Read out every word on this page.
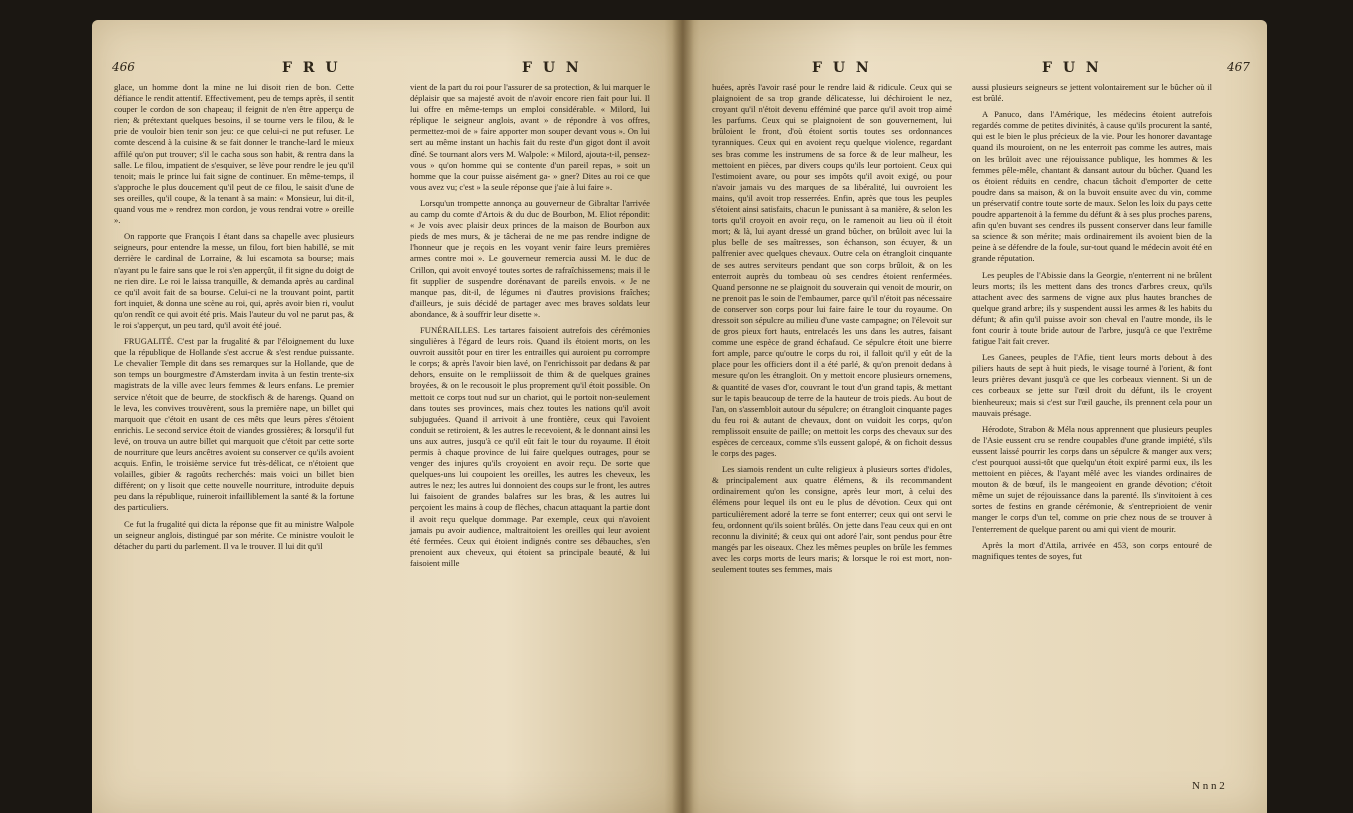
466	F R U	F U N

glace, un homme dont la mine ne lui disoit rien de bon. Cette défiance le rendit attentif. Effectivement, peu de temps après, il sentit couper le cordon de son chapeau; il feignit de n'en être apperçu de rien; & prétextant quelques besoins, il se tourne vers le filou, & le prie de vouloir bien tenir son jeu: ce que celui-ci ne put refuser. Le comte descend à la cuisine & se fait donner le tranche-lard le mieux affilé qu'on put trouver; s'il le cacha sous son habit, & rentra dans la salle. Le filou, impatient de s'esquiver, se lève pour rendre le jeu qu'il tenoit; mais le prince lui fait signe de continuer. En même-temps, il s'approche le plus doucement qu'il peut de ce filou, le saisit d'une de ses oreilles, qu'il coupe, & la tenant à sa main: « Monsieur, lui dit-il, quand vous me » rendrez mon cordon, je vous rendrai votre » oreille ».

On rapporte que François I étant dans sa chapelle avec plusieurs seigneurs, pour entendre la messe, un filou, fort bien habillé, se mit derrière le cardinal de Lorraine, & lui escamota sa bourse; mais n'ayant pu le faire sans que le roi s'en apperçût, il fit signe du doigt de ne rien dire. Le roi le laissa tranquille, & demanda après au cardinal ce qu'il avoit fait de sa bourse. Celui-ci ne la trouvant point, partit fort inquiet, & donna une scène au roi, qui, après avoir bien ri, voulut qu'on rendît ce qui avoit été pris. Mais l'auteur du vol ne parut pas, & le roi s'apperçut, un peu tard, qu'il avoit été joué.

FRUGALITÉ. C'est par la frugalité & par l'éloignement du luxe que la république de Hollande s'est accrue & s'est rendue puissante. Le chevalier Temple dit dans ses remarques sur la Hollande, que de son temps un bourgmestre d'Amsterdam invita à un festin trente-six magistrats de la ville avec leurs femmes & leurs enfans. Le premier service n'étoit que de beurre, de stockfisch & de harengs. Quand on le leva, les convives trouvèrent, sous la première nape, un billet qui marquoit que c'étoit en usant de ces mêts que leurs pères s'étoient enrichis. Le second service étoit de viandes grossières; & lorsqu'il fut levé, on trouva un autre billet qui marquoit que c'étoit par cette sorte de nourriture que leurs ancêtres avoient su conserver ce qu'ils avoient acquis. Enfin, le troisième service fut très-délicat, ce n'étoient que volailles, gibier & ragoûts recherchés: mais voici un billet bien différent; on y lisoit que cette nouvelle nourriture, introduite depuis peu dans la république, ruineroit infailliblement la santé & la fortune des particuliers.

Ce fut la frugalité qui dicta la réponse que fit au ministre Walpole un seigneur anglois, distingué par son mérite. Ce ministre vouloit le détacher du parti du parlement. Il va le trouver. Il lui dit qu'il

vient de la part du roi pour l'assurer de sa protection, & lui marquer le déplaisir que sa majesté avoit de n'avoir encore rien fait pour lui. Il lui offre en même-temps un emploi considérable. « Milord, lui réplique le seigneur anglois, avant » de répondre à vos offres, permettez-moi de » faire apporter mon souper devant vous ». On lui sert au même instant un hachis fait du reste d'un gigot dont il avoit dîné. Se tournant alors vers M. Walpole: « Milord, ajouta-t-il, pensez-vous » qu'on homme qui se contente d'un pareil repas, » soit un homme que la cour puisse aisément ga- » gner? Dites au roi ce que vous avez vu; c'est » la seule réponse que j'aie à lui faire ».

Lorsqu'un trompette annonça au gouverneur de Gibraltar l'arrivée au camp du comte d'Artois & du duc de Bourbon, M. Eliot répondit: « Je vois avec plaisir deux princes de la maison de Bourbon aux pieds de mes murs, & je tâcherai de ne me pas rendre indigne de l'honneur que je reçois en les voyant venir faire leurs premières armes contre moi ». Le gouverneur remercia aussi M. le duc de Crillon, qui avoit envoyé toutes sortes de rafraîchissemens; mais il le fit supplier de suspendre dorénavant de pareils envois. « Je ne manque pas, dit-il, de légumes ni d'autres provisions fraîches; d'ailleurs, je suis décidé de partager avec mes braves soldats leur abondance, & à souffrir leur disette ».

FUNÉRAILLES. Les tartares faisoient autrefois des cérémonies singulières à l'égard de leurs rois. Quand ils étoient morts, on les ouvroit aussitôt pour en tirer les entrailles qui auroient pu corrompre le corps; & après l'avoir bien lavé, on l'enrichissoit par dedans & par dehors, ensuite on le rempliissoit de thim & de quelques graines broyées, & on le recousoit le plus proprement qu'il étoit possible. On mettoit ce corps tout nud sur un chariot, qui le portoit non-seulement dans toutes ses provinces, mais chez toutes les nations qu'il avoit subjuguées. Quand il arrivoit à une frontière, ceux qui l'avoient conduit se retiroient, & les autres le recevoient, & le donnant ainsi les uns aux autres, jusqu'à ce qu'il eût fait le tour du royaume. Il étoit permis à chaque province de lui faire quelques outrages, pour se venger des injures qu'ils croyoient en avoir reçu. De sorte que quelques-uns lui coupoient les oreilles, les autres les cheveux, les autres le nez; les autres lui donnoient des coups sur le front, les autres lui faisoient de grandes balafres sur les bras, & les autres lui perçoient les mains à coup de flèches, chacun attaquant la partie dont il avoit reçu quelque dommage. Par exemple, ceux qui n'avoient jamais pu avoir audience, maltraitoient les oreilles qui leur avoient été fermées. Ceux qui étoient indignés contre ses débauches, s'en prenoient aux cheveux, qui étoient sa principale beauté, & lui faisoient mille

F U N	F U N	467

huées, après l'avoir rasé pour le rendre laid & ridicule. Ceux qui se plaignoient de sa trop grande délicatesse, lui déchiroient le nez, croyant qu'il n'étoit devenu efféminé que parce qu'il avoit trop aimé les parfums. Ceux qui se plaignoient de son gouvernement, lui brûloient le front, d'où étoient sortis toutes ses ordonnances tyranniques. Ceux qui en avoient reçu quelque violence, regardant ses bras comme les instrumens de sa force & de leur malheur, les mettoient en pièces, par divers coups qu'ils leur portoient. Ceux qui l'estimoient avare, ou pour ses impôts qu'il avoit exigé, ou pour n'avoir jamais vu des marques de sa libéralité, lui ouvroient les mains, qu'il avoit trop resserrées. Enfin, après que tous les peuples s'étoient ainsi satisfaits, chacun le punissant à sa manière, & selon les torts qu'il croyoit en avoir reçu, on le ramenoit au lieu où il étoit mort; & là, lui ayant dressé un grand bûcher, on brûloit avec lui la plus belle de ses maîtresses, son échanson, son écuyer, & un palfrenier avec quelques chevaux. Outre cela on étrangloit cinquante de ses autres serviteurs pendant que son corps brûloit, & on les enterroit auprès du tombeau où ses cendres étoient renfermées. Quand personne ne se plaignoit du souverain qui venoit de mourir, on ne prenoit pas le soin de l'embaumer, parce qu'il n'étoit pas nécessaire de conserver son corps pour lui faire faire le tour du royaume. On dressoit son sépulcre au milieu d'une vaste campagne; on l'élevoit sur de gros pieux fort hauts, entrelacés les uns dans les autres, faisant comme une espèce de grand échafaud. Ce sépulcre étoit une bierre fort ample, parce qu'outre le corps du roi, il falloit qu'il y eût de la place pour les officiers dont il a été parlé, & qu'on prenoit dedans à mesure qu'on les étrangloit. On y mettoit encore plusieurs ornemens, & quantité de vases d'or, couvrant le tout d'un grand tapis, & mettant sur le tapis beaucoup de terre de la hauteur de trois pieds. Au bout de l'an, on s'assembloit autour du sépulcre; on étrangloit cinquante pages du feu roi & autant de chevaux, dont on vuidoit les corps, qu'on remplissoit ensuite de paille; on mettoit les corps des chevaux sur des espèces de cerceaux, comme s'ils eussent galopé, & on fichoit dessus le corps des pages.

Les siamois rendent un culte religieux à plusieurs sortes d'idoles, & principalement aux quatre élémens, & ils recommandent ordinairement qu'on les consigne, après leur mort, à celui des élémens pour lequel ils ont eu le plus de dévotion. Ceux qui ont particulièrement adoré la terre se font enterrer; ceux qui ont servi le feu, ordonnent qu'ils soient brûlés. On jette dans l'eau ceux qui en ont reconnu la divinité; & ceux qui ont adoré l'air, sont pendus pour être mangés par les oiseaux. Chez les mêmes peuples on brûle les femmes avec les corps morts de leurs maris; & lorsque le roi est mort, non-seulement toutes ses femmes, mais

aussi plusieurs seigneurs se jettent volontairement sur le bûcher où il est brûlé.

A Panuco, dans l'Amérique, les médecins étoient autrefois regardés comme de petites divinités, à cause qu'ils procurent la santé, qui est le bien le plus précieux de la vie. Pour les honorer davantage quand ils mouroient, on ne les enterroit pas comme les autres, mais on les brûloit avec une réjouissance publique, les hommes & les femmes pêle-mêle, chantant & dansant autour du bûcher. Quand les os étoient réduits en cendre, chacun tâchoit d'emporter de cette poudre dans sa maison, & on la buvoit ensuite avec du vin, comme un préservatif contre toute sorte de maux. Selon les loix du pays cette poudre appartenoit à la femme du défunt & à ses plus proches parens, afin qu'en buvant ses cendres ils pussent conserver dans leur famille sa science & son mérite; mais ordinairement ils avoient bien de la peine à se défendre de la foule, sur-tout quand le médecin avoit été en grande réputation.

Les peuples de l'Abissie dans la Georgie, n'enterrent ni ne brûlent leurs morts; ils les mettent dans des troncs d'arbres creux, qu'ils attachent avec des sarmens de vigne aux plus hautes branches de quelque grand arbre; ils y suspendent aussi les armes & les habits du défunt; & afin qu'il puisse avoir son cheval en l'autre monde, ils le font courir à toute bride autour de l'arbre, jusqu'à ce que l'extrême fatigue l'ait fait crever.

Les Ganees, peuples de l'Afie, tient leurs morts debout à des piliers hauts de sept à huit pieds, le visage tourné à l'orient, & font leurs prières devant jusqu'à ce que les corbeaux viennent. Si un de ces corbeaux se jette sur l'œil droit du défunt, ils le croyent bienheureux; mais si c'est sur l'œil gauche, ils prennent cela pour un mauvais présage.

Hérodote, Strabon & Méla nous apprennent que plusieurs peuples de l'Asie eussent cru se rendre coupables d'une grande impiété, s'ils eussent laissé pourrir les corps dans un sépulcre & manger aux vers; c'est pourquoi aussi-tôt que quelqu'un étoit expiré parmi eux, ils les mettoient en pièces, & l'ayant mêlé avec les viandes ordinaires de mouton & de bœuf, ils le mangeoient en grande dévotion; c'étoit même un sujet de réjouissance dans la parenté. Ils s'invitoient à ces sortes de festins en grande cérémonie, & s'entreprioient de venir manger le corps d'un tel, comme on prie chez nous de se trouver à l'enterrement de quelque parent ou ami qui vient de mourir.

Après la mort d'Attila, arrivée en 453, son corps entouré de magnifiques tentes de soyes, fut

N n n 2
